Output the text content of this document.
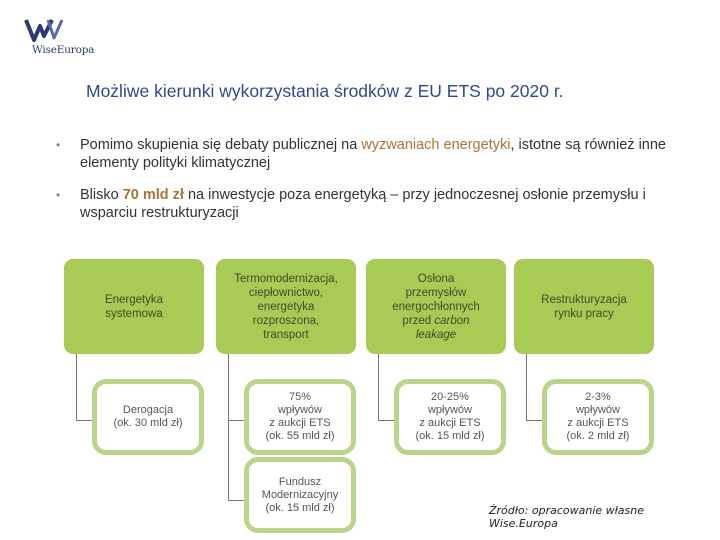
WiseEuropa
Możliwe kierunki wykorzystania środków z EU ETS po 2020 r.
• Pomimo skupienia się debaty publicznej na wyzwaniach energetyki, istotne są również inne elementy polityki klimatycznej
• Blisko 70 mld zł na inwestycje poza energetyką – przy jednoczesnej osłonie przemysłu i wsparciu restrukturyzacji
Energetyka
systemowa
Derogacja
(ok. 30 mld zł)
Termomodernizacja,
ciepłownictwo,
energetyka
rozproszona,
transport
75%
wpływów
z aukcji ETS
(ok. 55 mld zł)
Fundusz
Modernizacyjny
(ok. 15 mld zł)
Osłona
przemysłów
energochłonnych
przed carbon
leakage
20-25%
wpływów
z aukcji ETS
(ok. 15 mld zł)
Restrukturyzacja
rynku pracy
2-3%
wpływów
z aukcji ETS
(ok. 2 mld zł)
Źródło: opracowanie własne
Wise.Europa
